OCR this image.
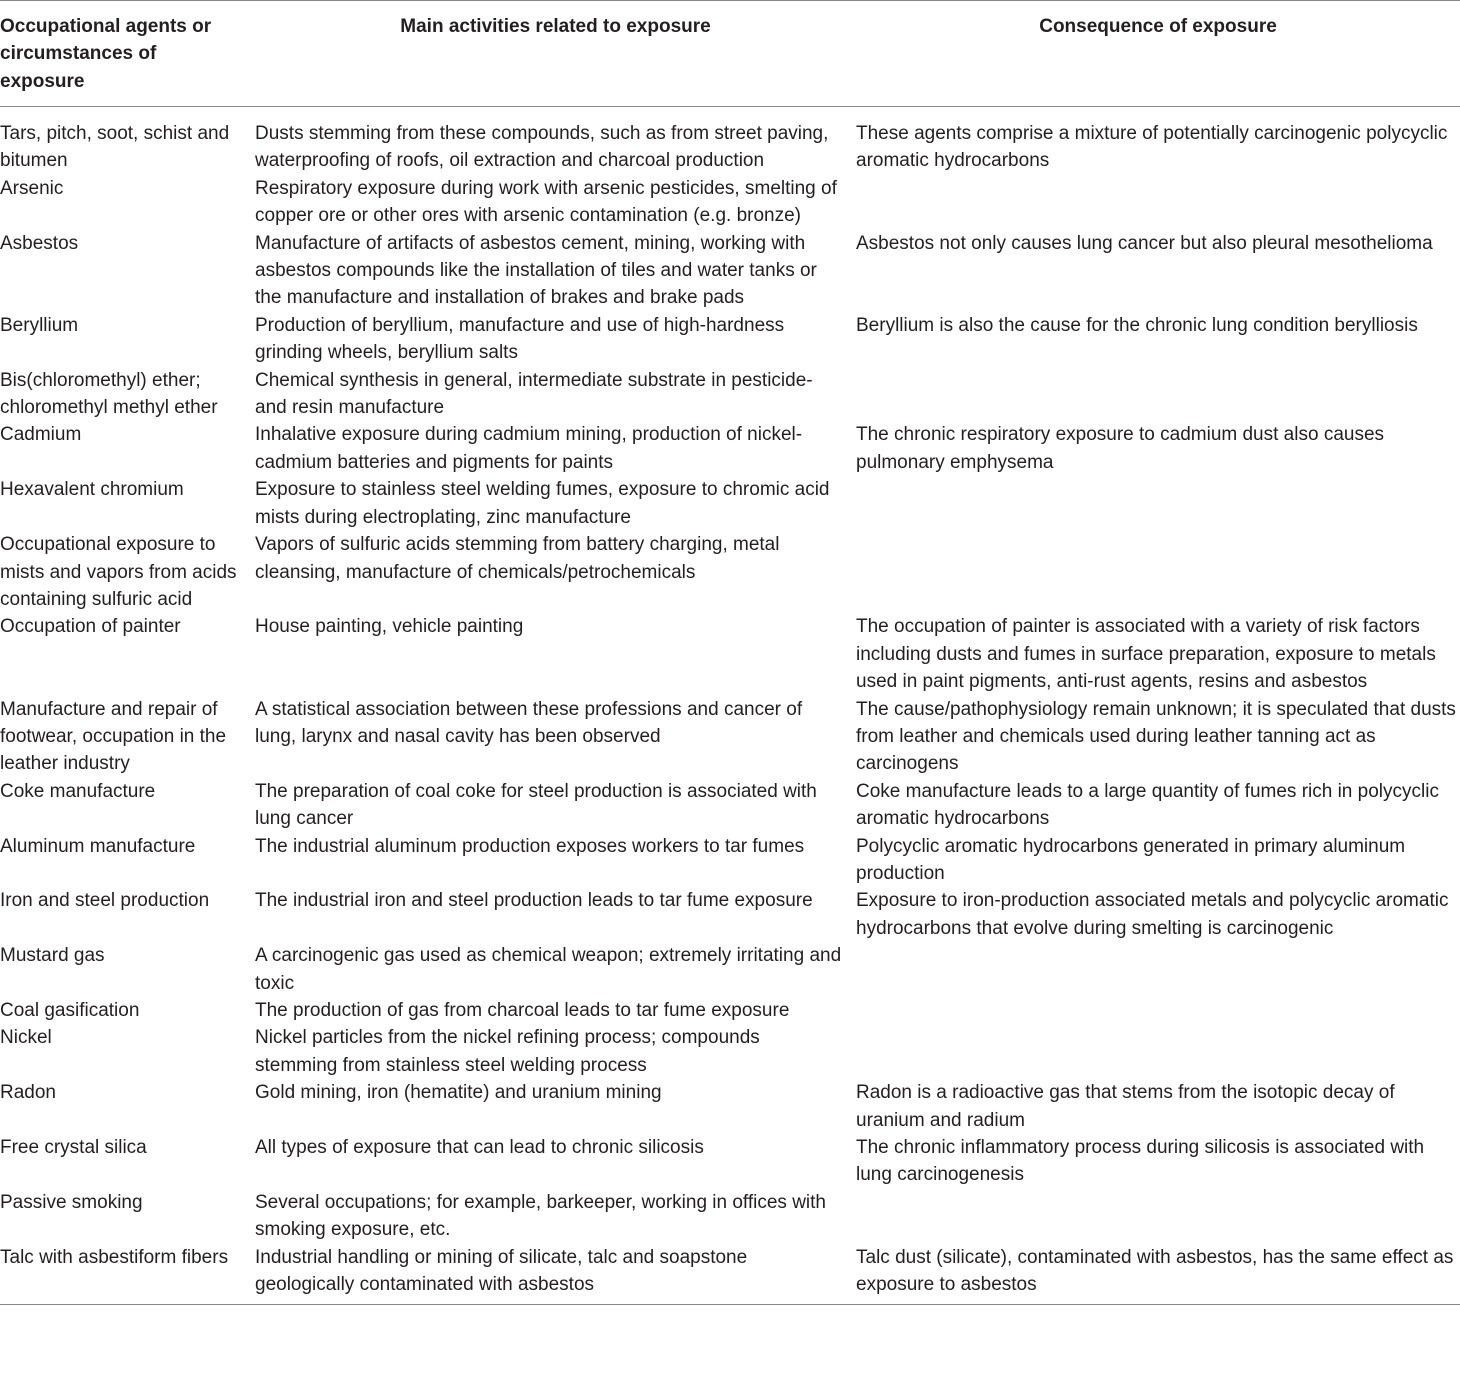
Occupational agents or circumstances of exposure	Main activities related to exposure	Consequence of exposure
Tars, pitch, soot, schist and bitumen	Dusts stemming from these compounds, such as from street paving, waterproofing of roofs, oil extraction and charcoal production	These agents comprise a mixture of potentially carcinogenic polycyclic aromatic hydrocarbons
Arsenic	Respiratory exposure during work with arsenic pesticides, smelting of copper ore or other ores with arsenic contamination (e.g. bronze)	
Asbestos	Manufacture of artifacts of asbestos cement, mining, working with asbestos compounds like the installation of tiles and water tanks or the manufacture and installation of brakes and brake pads	Asbestos not only causes lung cancer but also pleural mesothelioma
Beryllium	Production of beryllium, manufacture and use of high-hardness grinding wheels, beryllium salts	Beryllium is also the cause for the chronic lung condition berylliosis
Bis(chloromethyl) ether; chloromethyl methyl ether	Chemical synthesis in general, intermediate substrate in pesticide- and resin manufacture	
Cadmium	Inhalative exposure during cadmium mining, production of nickel-cadmium batteries and pigments for paints	The chronic respiratory exposure to cadmium dust also causes pulmonary emphysema
Hexavalent chromium	Exposure to stainless steel welding fumes, exposure to chromic acid mists during electroplating, zinc manufacture	
Occupational exposure to mists and vapors from acids containing sulfuric acid	Vapors of sulfuric acids stemming from battery charging, metal cleansing, manufacture of chemicals/petrochemicals	
Occupation of painter	House painting, vehicle painting	The occupation of painter is associated with a variety of risk factors including dusts and fumes in surface preparation, exposure to metals used in paint pigments, anti-rust agents, resins and asbestos
Manufacture and repair of footwear, occupation in the leather industry	A statistical association between these professions and cancer of lung, larynx and nasal cavity has been observed	The cause/pathophysiology remain unknown; it is speculated that dusts from leather and chemicals used during leather tanning act as carcinogens
Coke manufacture	The preparation of coal coke for steel production is associated with lung cancer	Coke manufacture leads to a large quantity of fumes rich in polycyclic aromatic hydrocarbons
Aluminum manufacture	The industrial aluminum production exposes workers to tar fumes	Polycyclic aromatic hydrocarbons generated in primary aluminum production
Iron and steel production	The industrial iron and steel production leads to tar fume exposure	Exposure to iron-production associated metals and polycyclic aromatic hydrocarbons that evolve during smelting is carcinogenic
Mustard gas	A carcinogenic gas used as chemical weapon; extremely irritating and toxic	
Coal gasification	The production of gas from charcoal leads to tar fume exposure	
Nickel	Nickel particles from the nickel refining process; compounds stemming from stainless steel welding process	
Radon	Gold mining, iron (hematite) and uranium mining	Radon is a radioactive gas that stems from the isotopic decay of uranium and radium
Free crystal silica	All types of exposure that can lead to chronic silicosis	The chronic inflammatory process during silicosis is associated with lung carcinogenesis
Passive smoking	Several occupations; for example, barkeeper, working in offices with smoking exposure, etc.	
Talc with asbestiform fibers	Industrial handling or mining of silicate, talc and soapstone geologically contaminated with asbestos	Talc dust (silicate), contaminated with asbestos, has the same effect as exposure to asbestos
